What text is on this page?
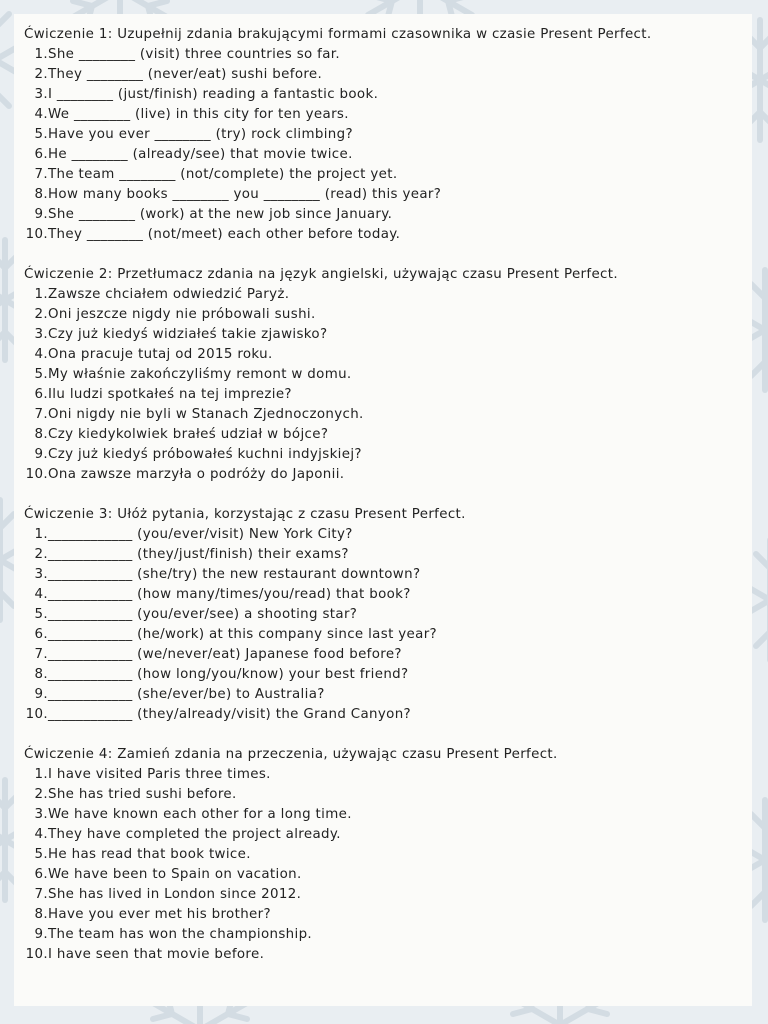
Ćwiczenie 1: Uzupełnij zdania brakującymi formami czasownika w czasie Present Perfect.
1. She ________ (visit) three countries so far.
2. They ________ (never/eat) sushi before.
3. I ________ (just/finish) reading a fantastic book.
4. We ________ (live) in this city for ten years.
5. Have you ever ________ (try) rock climbing?
6. He ________ (already/see) that movie twice.
7. The team ________ (not/complete) the project yet.
8. How many books ________ you ________ (read) this year?
9. She ________ (work) at the new job since January.
10. They ________ (not/meet) each other before today.
Ćwiczenie 2: Przetłumacz zdania na język angielski, używając czasu Present Perfect.
1. Zawsze chciałem odwiedzić Paryż.
2. Oni jeszcze nigdy nie próbowali sushi.
3. Czy już kiedyś widziałeś takie zjawisko?
4. Ona pracuje tutaj od 2015 roku.
5. My właśnie zakończyliśmy remont w domu.
6. Ilu ludzi spotkałeś na tej imprezie?
7. Oni nigdy nie byli w Stanach Zjednoczonych.
8. Czy kiedykolwiek brałeś udział w bójce?
9. Czy już kiedyś próbowałeś kuchni indyjskiej?
10. Ona zawsze marzyła o podróży do Japonii.
Ćwiczenie 3: Ułóż pytania, korzystając z czasu Present Perfect.
1. ____________ (you/ever/visit) New York City?
2. ____________ (they/just/finish) their exams?
3. ____________ (she/try) the new restaurant downtown?
4. ____________ (how many/times/you/read) that book?
5. ____________ (you/ever/see) a shooting star?
6. ____________ (he/work) at this company since last year?
7. ____________ (we/never/eat) Japanese food before?
8. ____________ (how long/you/know) your best friend?
9. ____________ (she/ever/be) to Australia?
10. ____________ (they/already/visit) the Grand Canyon?
Ćwiczenie 4: Zamień zdania na przeczenia, używając czasu Present Perfect.
1. I have visited Paris three times.
2. She has tried sushi before.
3. We have known each other for a long time.
4. They have completed the project already.
5. He has read that book twice.
6. We have been to Spain on vacation.
7. She has lived in London since 2012.
8. Have you ever met his brother?
9. The team has won the championship.
10. I have seen that movie before.
